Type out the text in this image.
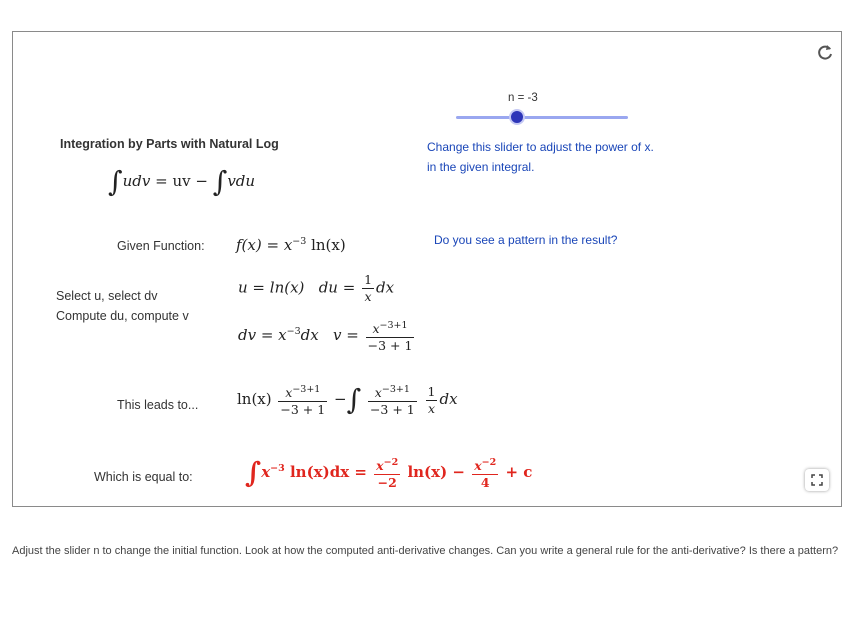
n = -3
Integration by Parts with Natural Log
∫udv = uv − ∫vdu
Change this slider to adjust the power of x.
in the given integral.
Do you see a pattern in the result?
Given Function: $f(x) = x^{-3}$ ln(x)
Select u, select dv
Compute du, compute v
u = ln(x) du = $\frac{1}{x}$ dx
dv = $x^{-3}dx$ $v = \frac{x^{-3+1}}{-3 + 1}$
This leads to...	$\ln(x) \frac{x^{-3+1}}{-3 + 1}$ −∫ $\frac{x^{-3+1}}{-3 + 1}$
$\frac{1}{x}$ dx
Which is equal to: $\int x^{-3}$ $\ln(x)dx = \frac{x^{-2}}{-2} \ln(x) - \frac{x^{-2}}{4} + c$
Adjust the slider n to change the initial function. Look at how the computed anti-derivative changes. Can you write a general rule for the anti-derivative? Is there a pattern?
